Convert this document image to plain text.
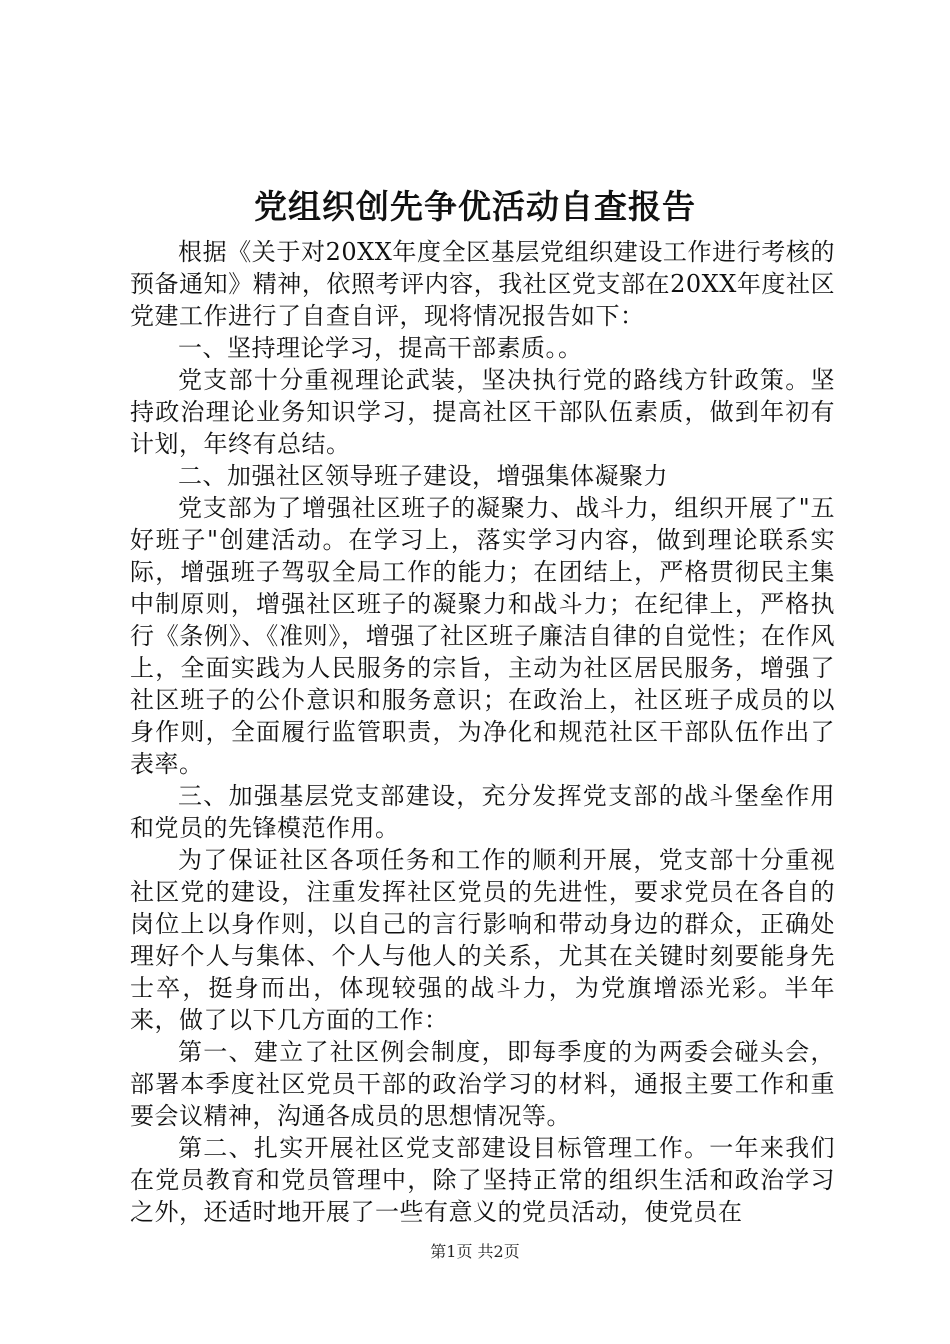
党组织创先争优活动自查报告

根据《关于对20XX年度全区基层党组织建设工作进行考核的预备通知》精神，依照考评内容，我社区党支部在20XX年度社区党建工作进行了自查自评，现将情况报告如下：

一、坚持理论学习，提高干部素质。。

党支部十分重视理论武装，坚决执行党的路线方针政策。坚持政治理论业务知识学习，提高社区干部队伍素质，做到年初有计划，年终有总结。

二、加强社区领导班子建设，增强集体凝聚力

党支部为了增强社区班子的凝聚力、战斗力，组织开展了"五好班子"创建活动。在学习上，落实学习内容，做到理论联系实际，增强班子驾驭全局工作的能力；在团结上，严格贯彻民主集中制原则，增强社区班子的凝聚力和战斗力；在纪律上，严格执行《条例》、《准则》，增强了社区班子廉洁自律的自觉性；在作风上，全面实践为人民服务的宗旨，主动为社区居民服务，增强了社区班子的公仆意识和服务意识；在政治上，社区班子成员的以身作则，全面履行监管职责，为净化和规范社区干部队伍作出了表率。

三、加强基层党支部建设，充分发挥党支部的战斗堡垒作用和党员的先锋模范作用。

为了保证社区各项任务和工作的顺利开展，党支部十分重视社区党的建设，注重发挥社区党员的先进性，要求党员在各自的岗位上以身作则，以自己的言行影响和带动身边的群众，正确处理好个人与集体、个人与他人的关系，尤其在关键时刻要能身先士卒，挺身而出，体现较强的战斗力，为党旗增添光彩。半年来，做了以下几方面的工作：

第一、建立了社区例会制度，即每季度的为两委会碰头会，部署本季度社区党员干部的政治学习的材料，通报主要工作和重要会议精神，沟通各成员的思想情况等。

第二、扎实开展社区党支部建设目标管理工作。一年来我们在党员教育和党员管理中，除了坚持正常的组织生活和政治学习之外，还适时地开展了一些有意义的党员活动，使党员在

第1页 共2页
